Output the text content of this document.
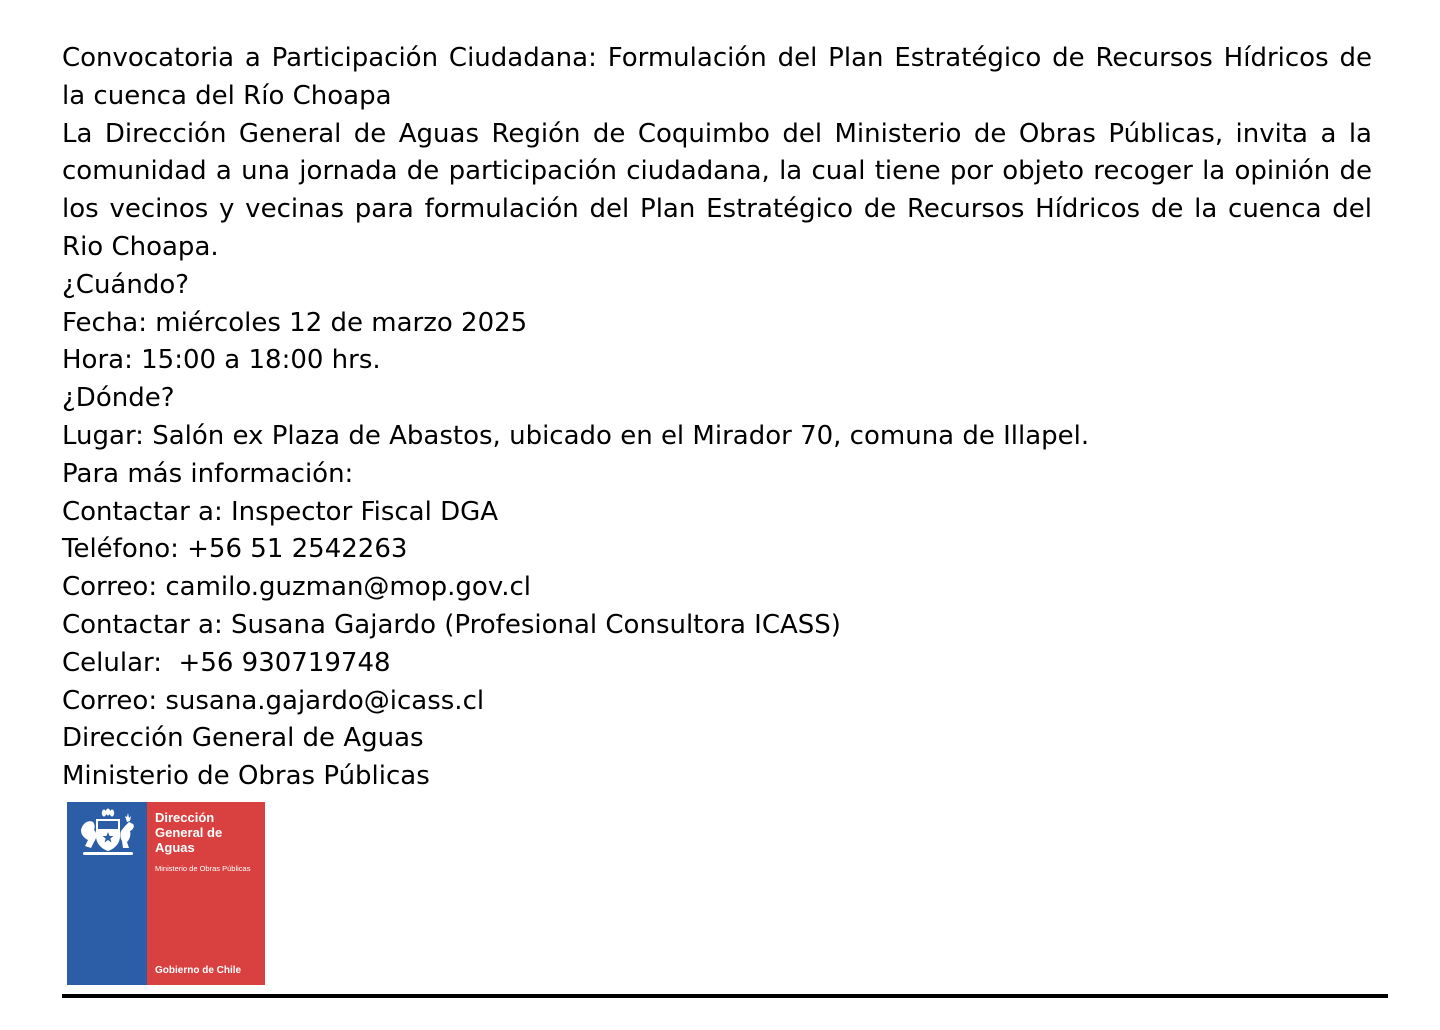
Convocatoria a Participación Ciudadana: Formulación del Plan Estratégico de Recursos Hídricos de la cuenca del Río Choapa

La Dirección General de Aguas Región de Coquimbo del Ministerio de Obras Públicas, invita a la comunidad a una jornada de participación ciudadana, la cual tiene por objeto recoger la opinión de los vecinos y vecinas para formulación del Plan Estratégico de Recursos Hídricos de la cuenca del Rio Choapa.

¿Cuándo?

Fecha: miércoles 12 de marzo 2025

Hora: 15:00 a 18:00 hrs.

¿Dónde?

Lugar: Salón ex Plaza de Abastos, ubicado en el Mirador 70, comuna de Illapel.

Para más información:

Contactar a: Inspector Fiscal DGA

Teléfono: +56 51 2542263

Correo: camilo.guzman@mop.gov.cl

Contactar a: Susana Gajardo (Profesional Consultora ICASS)

Celular:  +56 930719748

Correo: susana.gajardo@icass.cl

Dirección General de Aguas

Ministerio de Obras Públicas

Dirección General de Aguas
Ministerio de Obras Públicas
Gobierno de Chile
